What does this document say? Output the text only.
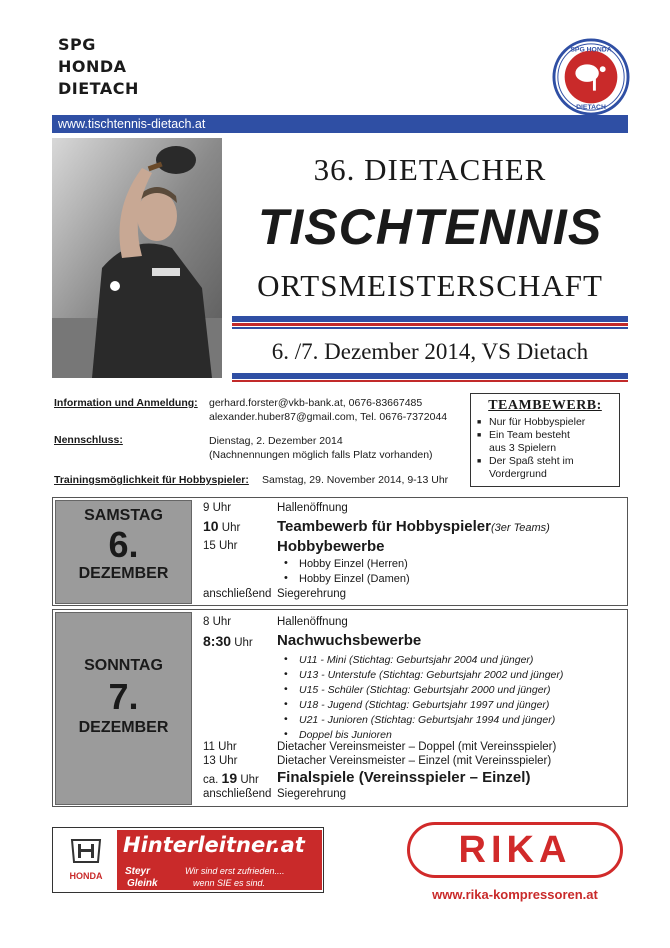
SPG
HONDA
DIETACH
SPG HONDA
DIETACH
www.tischtennis-dietach.at
36. DIETACHER
TISCHTENNIS
ORTSMEISTERSCHAFT
6. /7. Dezember 2014, VS Dietach
Information und Anmeldung: gerhard.forster@vkb-bank.at, 0676-83667485
alexander.huber87@gmail.com, Tel. 0676-7372044
Nennschluss:	Dienstag, 2. Dezember 2014
(Nachnennungen möglich falls Platz vorhanden)
Trainingsmöglichkeit für Hobbyspieler: Samstag, 29. November 2014, 9-13 Uhr
TEAMBEWERB:
■ Nur für Hobbyspieler
■ Ein Team besteht
aus 3 Spielern
■ Der Spaß steht im
Vordergrund
SAMSTAG
6.
DEZEMBER
9 Uhr	Hallenöffnung
10 Uhr Teambewerb für Hobbyspieler(3er Teams)
15 Uhr	Hobbybewerbe
• Hobby Einzel (Herren)
• Hobby Einzel (Damen)
anschließend Siegerehrung
SONNTAG
7.
DEZEMBER
8 Uhr	Hallenöffnung
8:30 Uhr Nachwuchsbewerbe
• U11 - Mini (Stichtag: Geburtsjahr 2004 und jünger)
• U13 - Unterstufe (Stichtag: Geburtsjahr 2002 und jünger)
• U15 - Schüler (Stichtag: Geburtsjahr 2000 und jünger)
• U18 - Jugend (Stichtag: Geburtsjahr 1997 und jünger)
• U21 - Junioren (Stichtag: Geburtsjahr 1994 und jünger)
• Doppel bis Junioren
11 Uhr	Dietacher Vereinsmeister – Doppel (mit Vereinsspieler)
13 Uhr	Dietacher Vereinsmeister – Einzel (mit Vereinsspieler)
ca. 19 Uhr Finalspiele (Vereinsspieler – Einzel)
anschließend Siegerehrung
HONDA
Hinterleitner.at
Steyr
Gleink
Wir sind erst zufrieden....
wenn SIE es sind.
RIKA
www.rika-kompressoren.at
